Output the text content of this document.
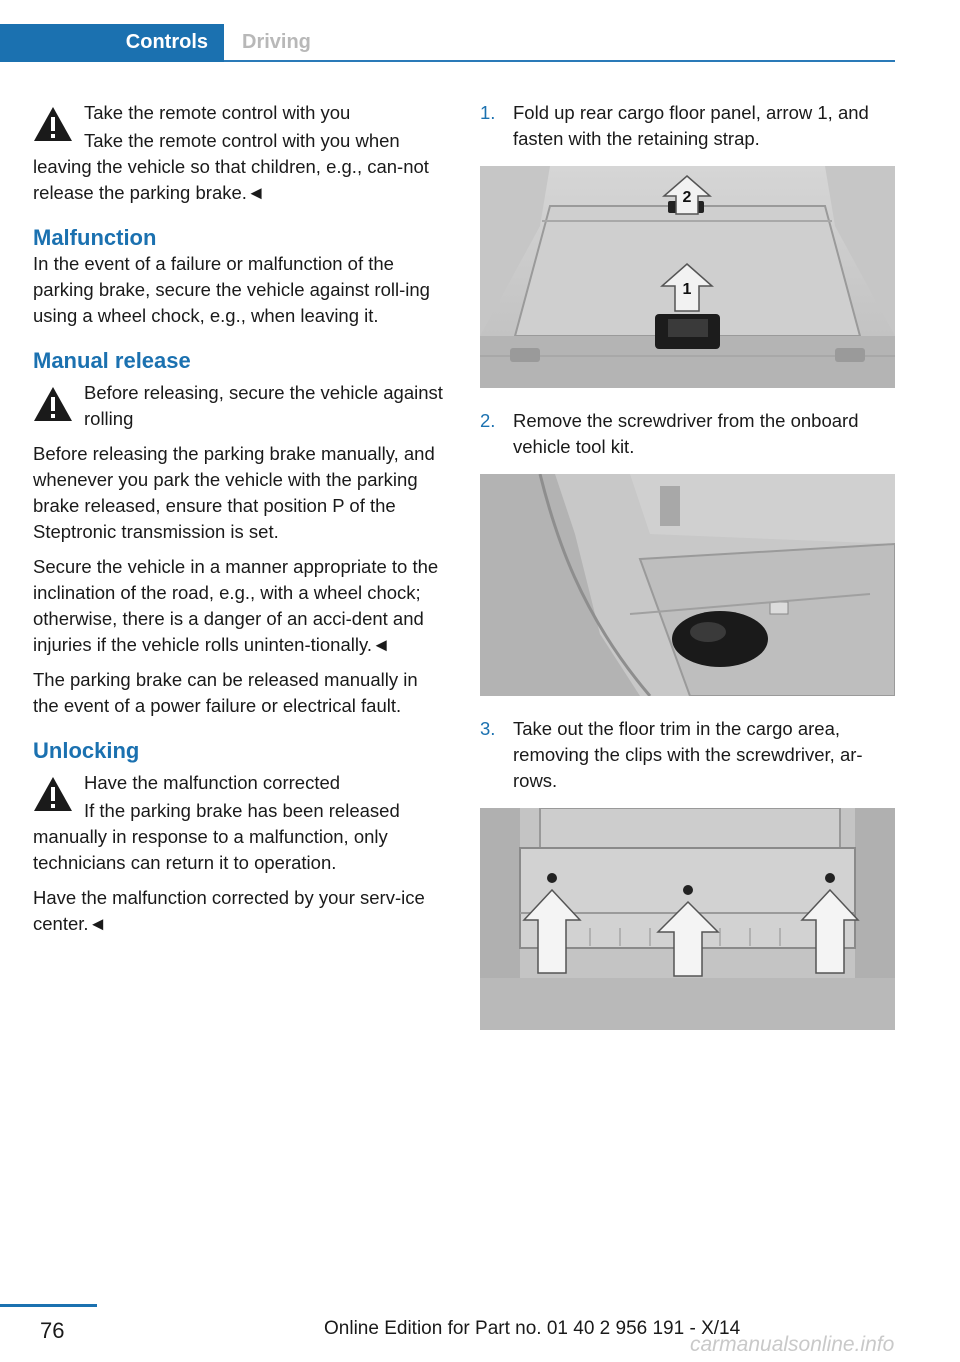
Controls Driving
Take the remote control with you
Take the remote control with you when
leaving the vehicle so that children, e.g., can‐not release the parking brake.◄
Malfunction
In the event of a failure or malfunction of the parking brake, secure the vehicle against roll‐ing using a wheel chock, e.g., when leaving it.
Manual release
Before releasing, secure the vehicle against rolling
Before releasing the parking brake manually, and whenever you park the vehicle with the parking brake released, ensure that position P of the Steptronic transmission is set.
Secure the vehicle in a manner appropriate to the inclination of the road, e.g., with a wheel chock; otherwise, there is a danger of an acci‐dent and injuries if the vehicle rolls uninten‐tionally.◄
The parking brake can be released manually in the event of a power failure or electrical fault.
Unlocking
Have the malfunction corrected
If the parking brake has been released
manually in response to a malfunction, only technicians can return it to operation.
Have the malfunction corrected by your serv‐ice center.◄
1. Fold up rear cargo floor panel, arrow 1, and fasten with the retaining strap.
2
1
2. Remove the screwdriver from the onboard vehicle tool kit.
3. Take out the floor trim in the cargo area, removing the clips with the screwdriver, ar‐rows.
76	Online Edition for Part no. 01 40 2 956 191 - X/14
carmanualsonline.info
